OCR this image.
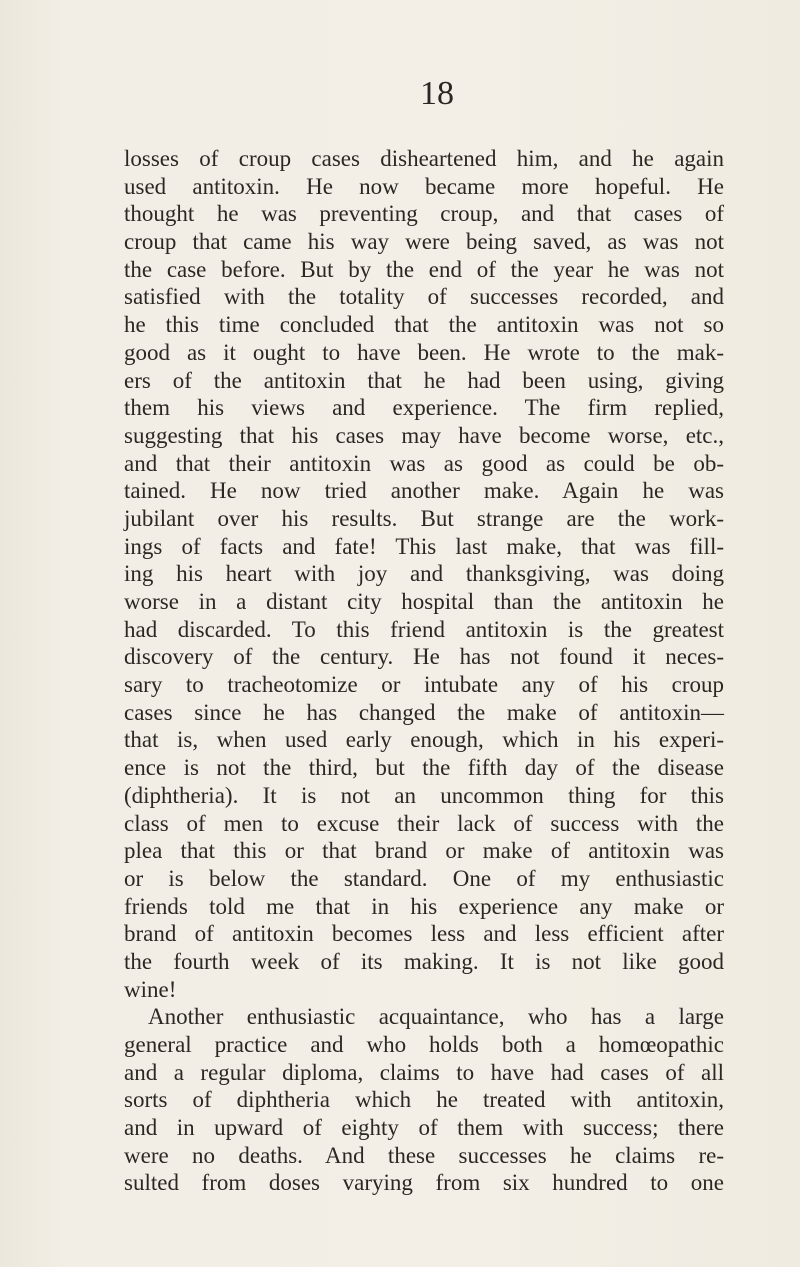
18
losses of croup cases disheartened him, and he again
used antitoxin. He now became more hopeful. He
thought he was preventing croup, and that cases of
croup that came his way were being saved, as was not
the case before. But by the end of the year he was not
satisfied with the totality of successes recorded, and
he this time concluded that the antitoxin was not so
good as it ought to have been. He wrote to the mak-
ers of the antitoxin that he had been using, giving
them his views and experience. The firm replied,
suggesting that his cases may have become worse, etc.,
and that their antitoxin was as good as could be ob-
tained. He now tried another make. Again he was
jubilant over his results. But strange are the work-
ings of facts and fate! This last make, that was fill-
ing his heart with joy and thanksgiving, was doing
worse in a distant city hospital than the antitoxin he
had discarded. To this friend antitoxin is the greatest
discovery of the century. He has not found it neces-
sary to tracheotomize or intubate any of his croup
cases since he has changed the make of antitoxin—
that is, when used early enough, which in his experi-
ence is not the third, but the fifth day of the disease
(diphtheria). It is not an uncommon thing for this
class of men to excuse their lack of success with the
plea that this or that brand or make of antitoxin was
or is below the standard. One of my enthusiastic
friends told me that in his experience any make or
brand of antitoxin becomes less and less efficient after
the fourth week of its making. It is not like good
wine!
Another enthusiastic acquaintance, who has a large
general practice and who holds both a homœopathic
and a regular diploma, claims to have had cases of all
sorts of diphtheria which he treated with antitoxin,
and in upward of eighty of them with success; there
were no deaths. And these successes he claims re-
sulted from doses varying from six hundred to one
